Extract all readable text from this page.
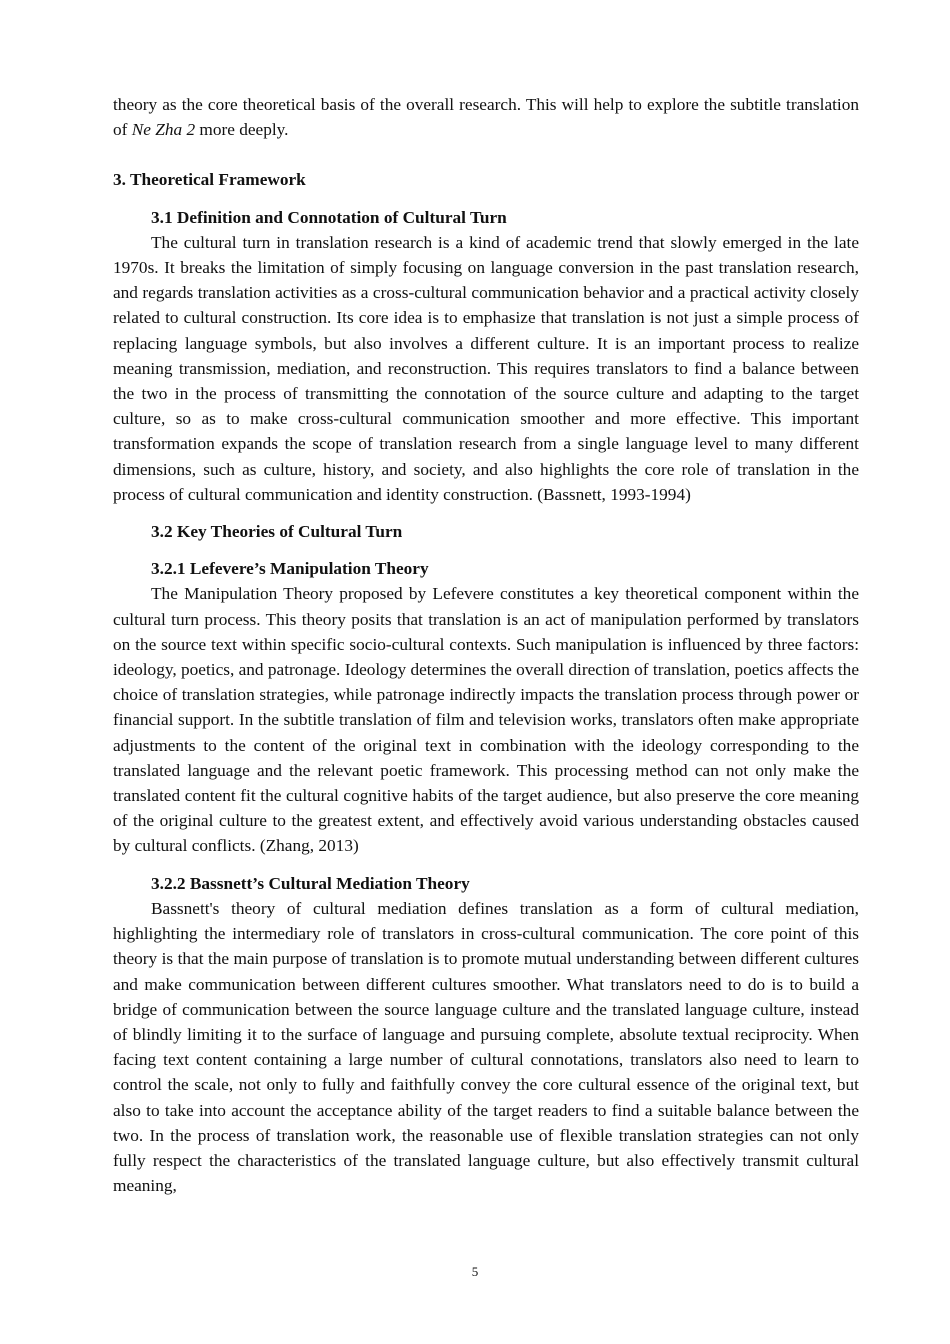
theory as the core theoretical basis of the overall research. This will help to explore the subtitle translation of Ne Zha 2 more deeply.

3. Theoretical Framework

3.1 Definition and Connotation of Cultural Turn

The cultural turn in translation research is a kind of academic trend that slowly emerged in the late 1970s. It breaks the limitation of simply focusing on language conversion in the past translation research, and regards translation activities as a cross-cultural communication behavior and a practical activity closely related to cultural construction. Its core idea is to emphasize that translation is not just a simple process of replacing language symbols, but also involves a different culture. It is an important process to realize meaning transmission, mediation, and reconstruction. This requires translators to find a balance between the two in the process of transmitting the connotation of the source culture and adapting to the target culture, so as to make cross-cultural communication smoother and more effective. This important transformation expands the scope of translation research from a single language level to many different dimensions, such as culture, history, and society, and also highlights the core role of translation in the process of cultural communication and identity construction. (Bassnett, 1993-1994)

3.2 Key Theories of Cultural Turn

3.2.1 Lefevere’s Manipulation Theory

The Manipulation Theory proposed by Lefevere constitutes a key theoretical component within the cultural turn process. This theory posits that translation is an act of manipulation performed by translators on the source text within specific socio-cultural contexts. Such manipulation is influenced by three factors: ideology, poetics, and patronage. Ideology determines the overall direction of translation, poetics affects the choice of translation strategies, while patronage indirectly impacts the translation process through power or financial support. In the subtitle translation of film and television works, translators often make appropriate adjustments to the content of the original text in combination with the ideology corresponding to the translated language and the relevant poetic framework. This processing method can not only make the translated content fit the cultural cognitive habits of the target audience, but also preserve the core meaning of the original culture to the greatest extent, and effectively avoid various understanding obstacles caused by cultural conflicts. (Zhang, 2013)

3.2.2 Bassnett’s Cultural Mediation Theory

Bassnett's theory of cultural mediation defines translation as a form of cultural mediation, highlighting the intermediary role of translators in cross-cultural communication. The core point of this theory is that the main purpose of translation is to promote mutual understanding between different cultures and make communication between different cultures smoother. What translators need to do is to build a bridge of communication between the source language culture and the translated language culture, instead of blindly limiting it to the surface of language and pursuing complete, absolute textual reciprocity. When facing text content containing a large number of cultural connotations, translators also need to learn to control the scale, not only to fully and faithfully convey the core cultural essence of the original text, but also to take into account the acceptance ability of the target readers to find a suitable balance between the two. In the process of translation work, the reasonable use of flexible translation strategies can not only fully respect the characteristics of the translated language culture, but also effectively transmit cultural meaning,

5
